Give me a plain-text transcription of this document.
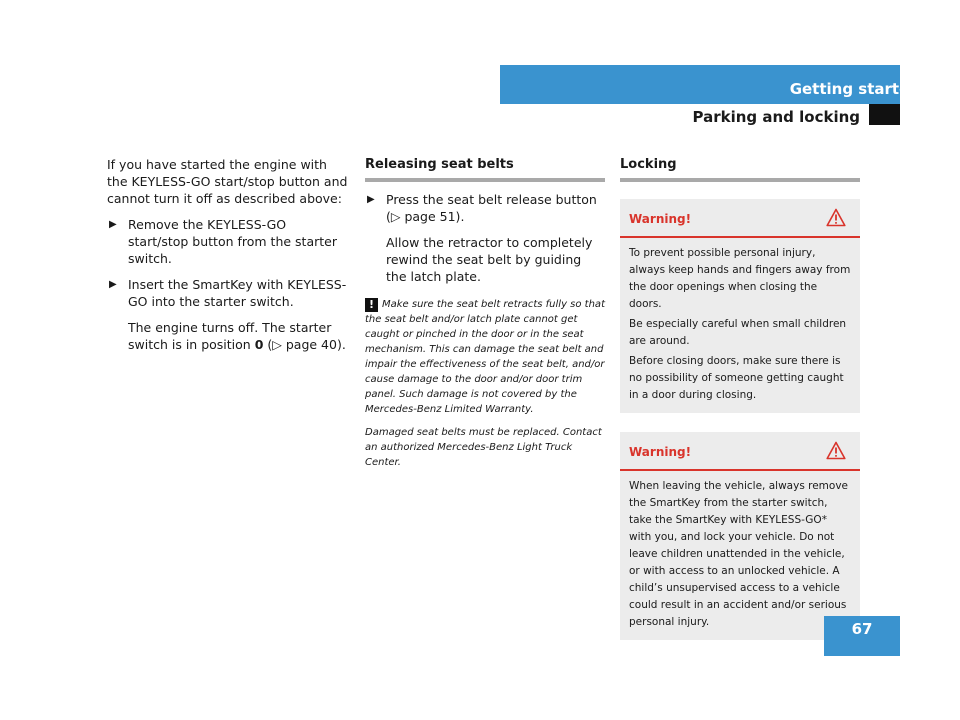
Getting started
Parking and locking

If you have started the engine with the KEYLESS-GO start/stop button and cannot turn it off as described above:

▶ Remove the KEYLESS-GO start/stop button from the starter switch.
▶ Insert the SmartKey with KEYLESS-GO into the starter switch.
The engine turns off. The starter switch is in position 0 (▷ page 40).
Releasing seat belts
▶ Press the seat belt release button (▷ page 51).
Allow the retractor to completely rewind the seat belt by guiding the latch plate.

! Make sure the seat belt retracts fully so that the seat belt and/or latch plate cannot get caught or pinched in the door or in the seat mechanism. This can damage the seat belt and impair the effectiveness of the seat belt, and/or cause damage to the door and/or door trim panel. Such damage is not covered by the Mercedes-Benz Limited Warranty.

Damaged seat belts must be replaced. Contact an authorized Mercedes-Benz Light Truck Center.

Locking
Warning!

To prevent possible personal injury, always keep hands and fingers away from the door openings when closing the doors.

Be especially careful when small children are around.

Before closing doors, make sure there is no possibility of someone getting caught in a door during closing.

Warning!

When leaving the vehicle, always remove the SmartKey from the starter switch, take the SmartKey with KEYLESS-GO* with you, and lock your vehicle. Do not leave children unattended in the vehicle, or with access to an unlocked vehicle. A child’s unsupervised access to a vehicle could result in an accident and/or serious personal injury.	67
